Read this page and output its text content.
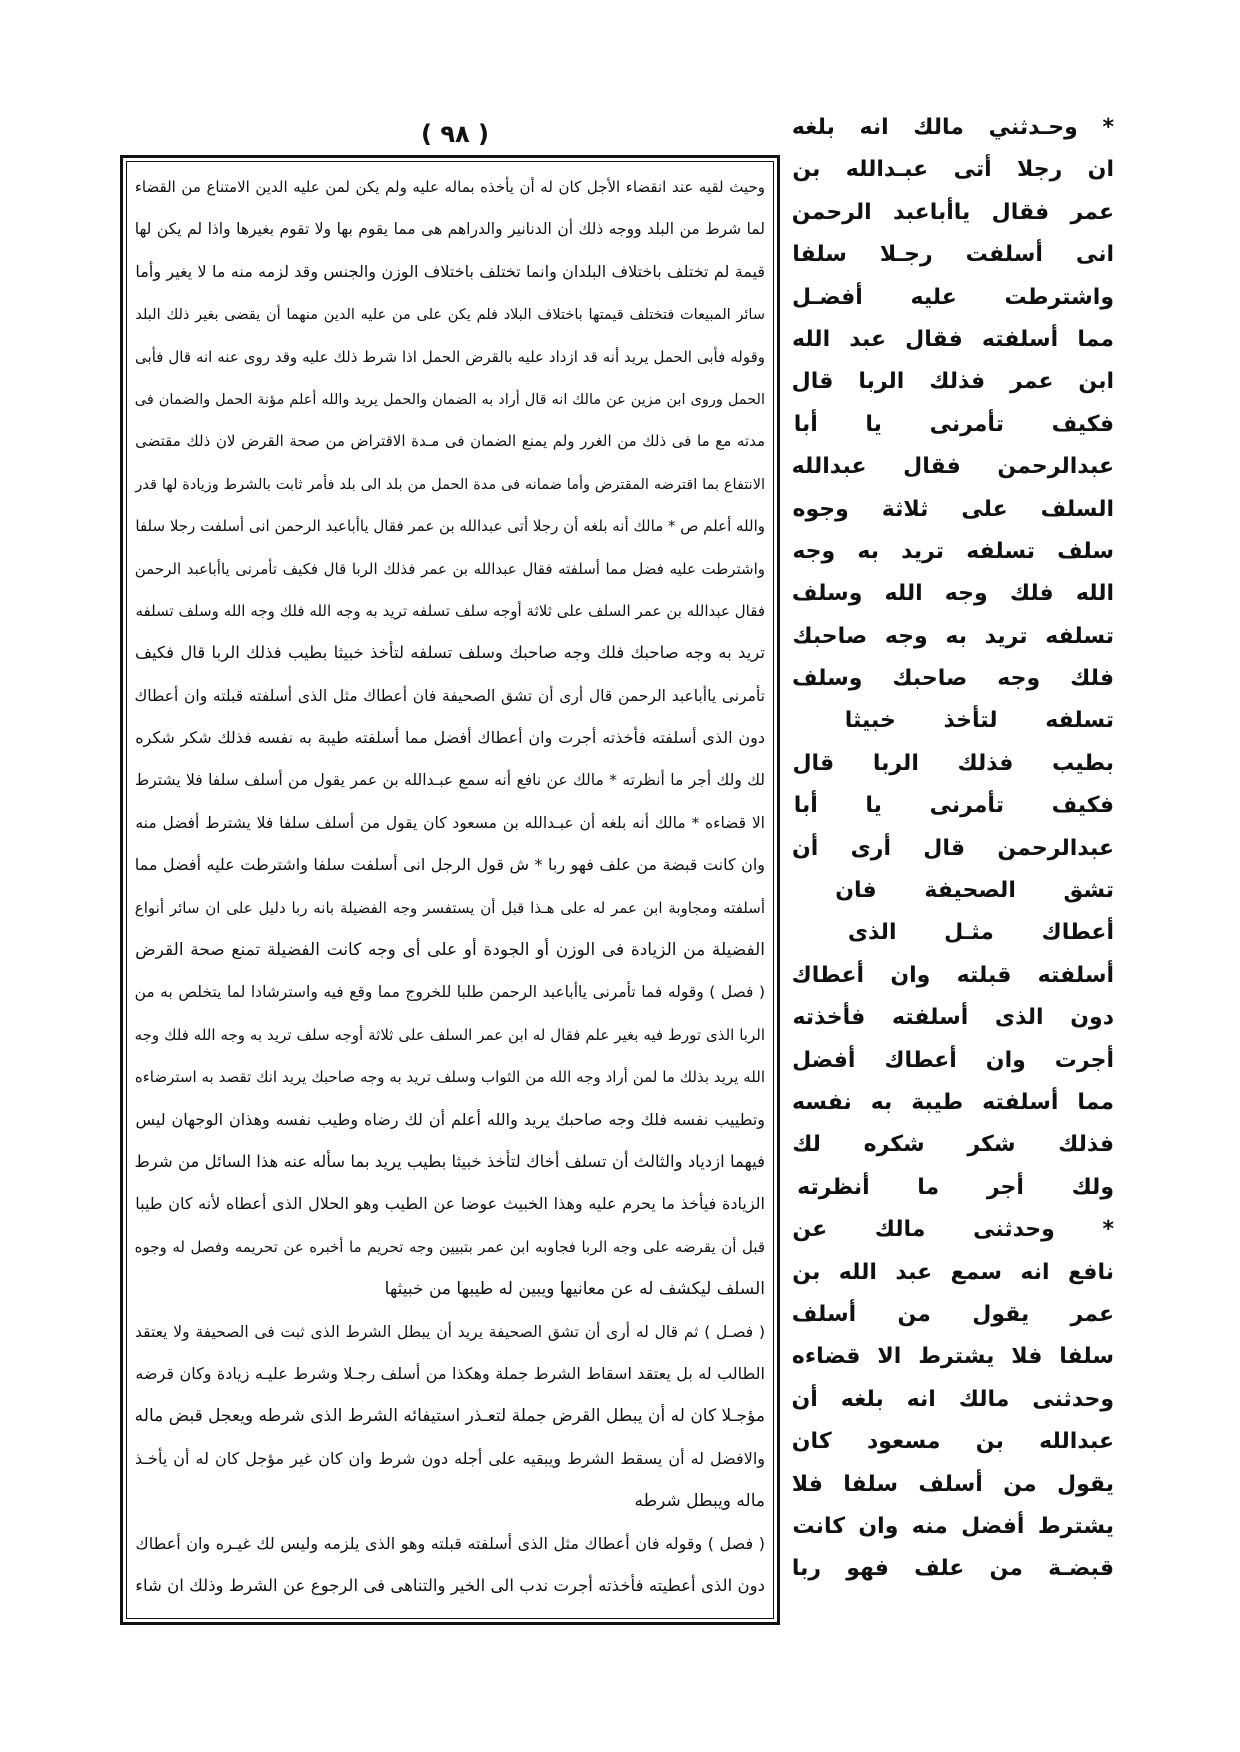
( ٩٨ )
وحيث لقيه عند انقضاء الأجل كان له أن يأخذه بماله عليه ولم يكن لمن عليه الدين الامتناع من القضاء
لما شرط من البلد ووجه ذلك أن الدنانير والدراهم هى مما يقوم بها ولا تقوم بغيرها واذا لم يكن لها
قيمة لم تختلف باختلاف البلدان وانما تختلف باختلاف الوزن والجنس وقد لزمه منه ما لا يغير وأما
سائر المبيعات فتختلف قيمتها باختلاف البلاد فلم يكن على من عليه الدين منهما أن يقضى بغير ذلك البلد
وقوله فأبى الحمل يريد أنه قد ازداد عليه بالقرض الحمل اذا شرط ذلك عليه وقد روى عنه انه قال فأبى
الحمل وروى ابن مزين عن مالك انه قال أراد به الضمان والحمل يريد والله أعلم مؤنة الحمل والضمان فى
مدته مع ما فى ذلك من الغرر ولم يمنع الضمان فى مـدة الاقتراض من صحة القرض لان ذلك مقتضى
الانتفاع بما اقترضه المقترض وأما ضمانه فى مدة الحمل من بلد الى بلد فأمر ثابت بالشرط وزيادة لها قدر
والله أعلم ص * مالك أنه بلغه أن رجلا أتى عبدالله بن عمر فقال ياأباعبد الرحمن انى أسلفت رجلا سلفا
واشترطت عليه فضل مما أسلفته فقال عبدالله بن عمر فذلك الربا قال فكيف تأمرنى ياأباعبد الرحمن
فقال عبدالله بن عمر السلف على ثلاثة أوجه سلف تسلفه تريد به وجه الله فلك وجه الله وسلف تسلفه
تريد به وجه صاحبك فلك وجه صاحبك وسلف تسلفه لتأخذ خبيثا بطيب فذلك الربا قال فكيف
تأمرنى ياأباعبد الرحمن قال أرى أن تشق الصحيفة فان أعطاك مثل الذى أسلفته قبلته وان أعطاك
دون الذى أسلفته فأخذته أجرت وان أعطاك أفضل مما أسلفته طيبة به نفسه فذلك شكر شكره
لك ولك أجر ما أنظرته * مالك عن نافع أنه سمع عبـدالله بن عمر يقول من أسلف سلفا فلا يشترط
الا قضاءه * مالك أنه بلغه أن عبـدالله بن مسعود كان يقول من أسلف سلفا فلا يشترط أفضل منه
وان كانت قبضة من علف فهو ربا * ش قول الرجل انى أسلفت سلفا واشترطت عليه أفضل مما
أسلفته ومجاوبة ابن عمر له على هـذا قبل أن يستفسر وجه الفضيلة بانه ربا دليل على ان سائر أنواع
الفضيلة من الزيادة فى الوزن أو الجودة أو على أى وجه كانت الفضيلة تمنع صحة القرض
( فصل ) وقوله فما تأمرنى ياأباعبد الرحمن طلبا للخروج مما وقع فيه واسترشادا لما يتخلص به من
الربا الذى تورط فيه بغير علم فقال له ابن عمر السلف على ثلاثة أوجه سلف تريد به وجه الله فلك وجه
الله يريد بذلك ما لمن أراد وجه الله من الثواب وسلف تريد به وجه صاحبك يريد انك تقصد به استرضاءه
وتطييب نفسه فلك وجه صاحبك يريد والله أعلم أن لك رضاه وطيب نفسه وهذان الوجهان ليس
فيهما ازدياد والثالث أن تسلف أخاك لتأخذ خبيثا بطيب يريد بما سأله عنه هذا السائل من شرط
الزيادة فيأخذ ما يحرم عليه وهذا الخبيث عوضا عن الطيب وهو الحلال الذى أعطاه لأنه كان طيبا
قبل أن يقرضه على وجه الربا فجاوبه ابن عمر بتبيين وجه تحريم ما أخبره عن تحريمه وفصل له وجوه
السلف ليكشف له عن معانيها ويبين له طيبها من خبيثها
( فصـل ) ثم قال له أرى أن تشق الصحيفة يريد أن يبطل الشرط الذى ثبت فى الصحيفة ولا يعتقد
الطالب له بل يعتقد اسقاط الشرط جملة وهكذا من أسلف رجـلا وشرط عليـه زيادة وكان قرضه
مؤجـلا كان له أن يبطل القرض جملة لتعـذر استيفائه الشرط الذى شرطه ويعجل قبض ماله
والافضل له أن يسقط الشرط ويبقيه على أجله دون شرط وان كان غير مؤجل كان له أن يأخـذ
ماله ويبطل شرطه
( فصل ) وقوله فان أعطاك مثل الذى أسلفته قبلته وهو الذى يلزمه وليس لك غيـره وان أعطاك
دون الذى أعطيته فأخذته أجرت ندب الى الخير والتناهى فى الرجوع عن الشرط وذلك ان شاء
* وحـدثني مالك انه بلغه
ان رجلا أتى عبـدالله بن
عمر فقال ياأباعبد الرحمن
انى أسلفت رجـلا سلفا
واشترطت عليه أفضـل
مما أسلفته فقال عبد الله
ابن عمر فذلك الربا قال
فكيف تأمرنى يا أبا
عبدالرحمن فقال عبدالله
السلف على ثلاثة وجوه
سلف تسلفه تريد به وجه
الله فلك وجه الله وسلف
تسلفه تريد به وجه صاحبك
فلك وجه صاحبك وسلف
تسلفه لتأخذ خبيثا
بطيب فذلك الربا قال
فكيف تأمرنى يا أبا
عبدالرحمن قال أرى أن
تشق الصحيفة فان
أعطاك مثـل الذى
أسلفته قبلته وان أعطاك
دون الذى أسلفته فأخذته
أجرت وان أعطاك أفضل
مما أسلفته طيبة به نفسه
فذلك شكر شكره لك
ولك أجر ما أنظرته
* وحدثنى مالك عن
نافع انه سمع عبد الله بن
عمر يقول من أسلف
سلفا فلا يشترط الا قضاءه
وحدثنى مالك انه بلغه أن
عبدالله بن مسعود كان
يقول من أسلف سلفا فلا
يشترط أفضل منه وان كانت
قبضـة من علف فهو ربا
